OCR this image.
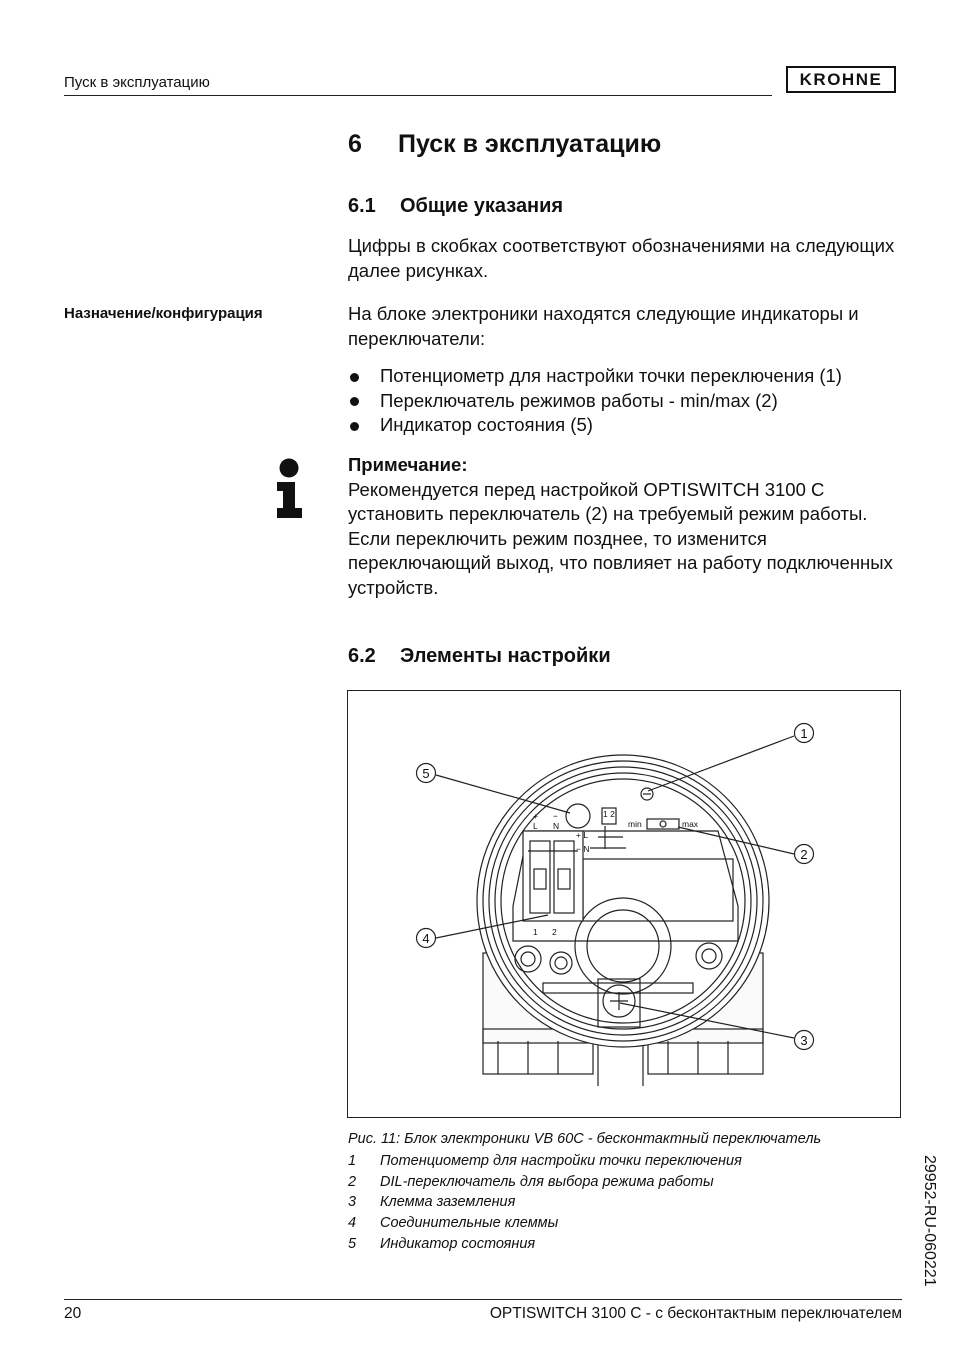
Пуск в эксплуатацию	KROHNE
6 Пуск в эксплуатацию
6.1 Общие указания
Цифры в скобках соответствуют обозначениями на следующих далее рисунках.
Назначение/конфигурация	На блоке электроники находятся следующие индикаторы и переключатели:
Потенциометр для настройки точки переключения (1)
Переключатель режимов работы - min/max (2)
Индикатор состояния (5)
Примечание:
Рекомендуется перед настройкой OPTISWITCH 3100 C установить переключатель (2) на требуемый режим работы. Если переключить режим позднее, то изменится переключающий выход, что повлияет на работу подключенных устройств.
6.2 Элементы настройки
1
2
3
4
5
+ −
L N
+ L
− N
1 2
min	max
1 2
Рис. 11: Блок электроники VB 60C - бесконтактный переключатель
1 Потенциометр для настройки точки переключения
2 DIL-переключатель для выбора режима работы
3 Клемма заземления
4 Соединительные клеммы
5 Индикатор состояния	29952-RU-060221
20	OPTISWITCH 3100 C - с бесконтактным переключателем
